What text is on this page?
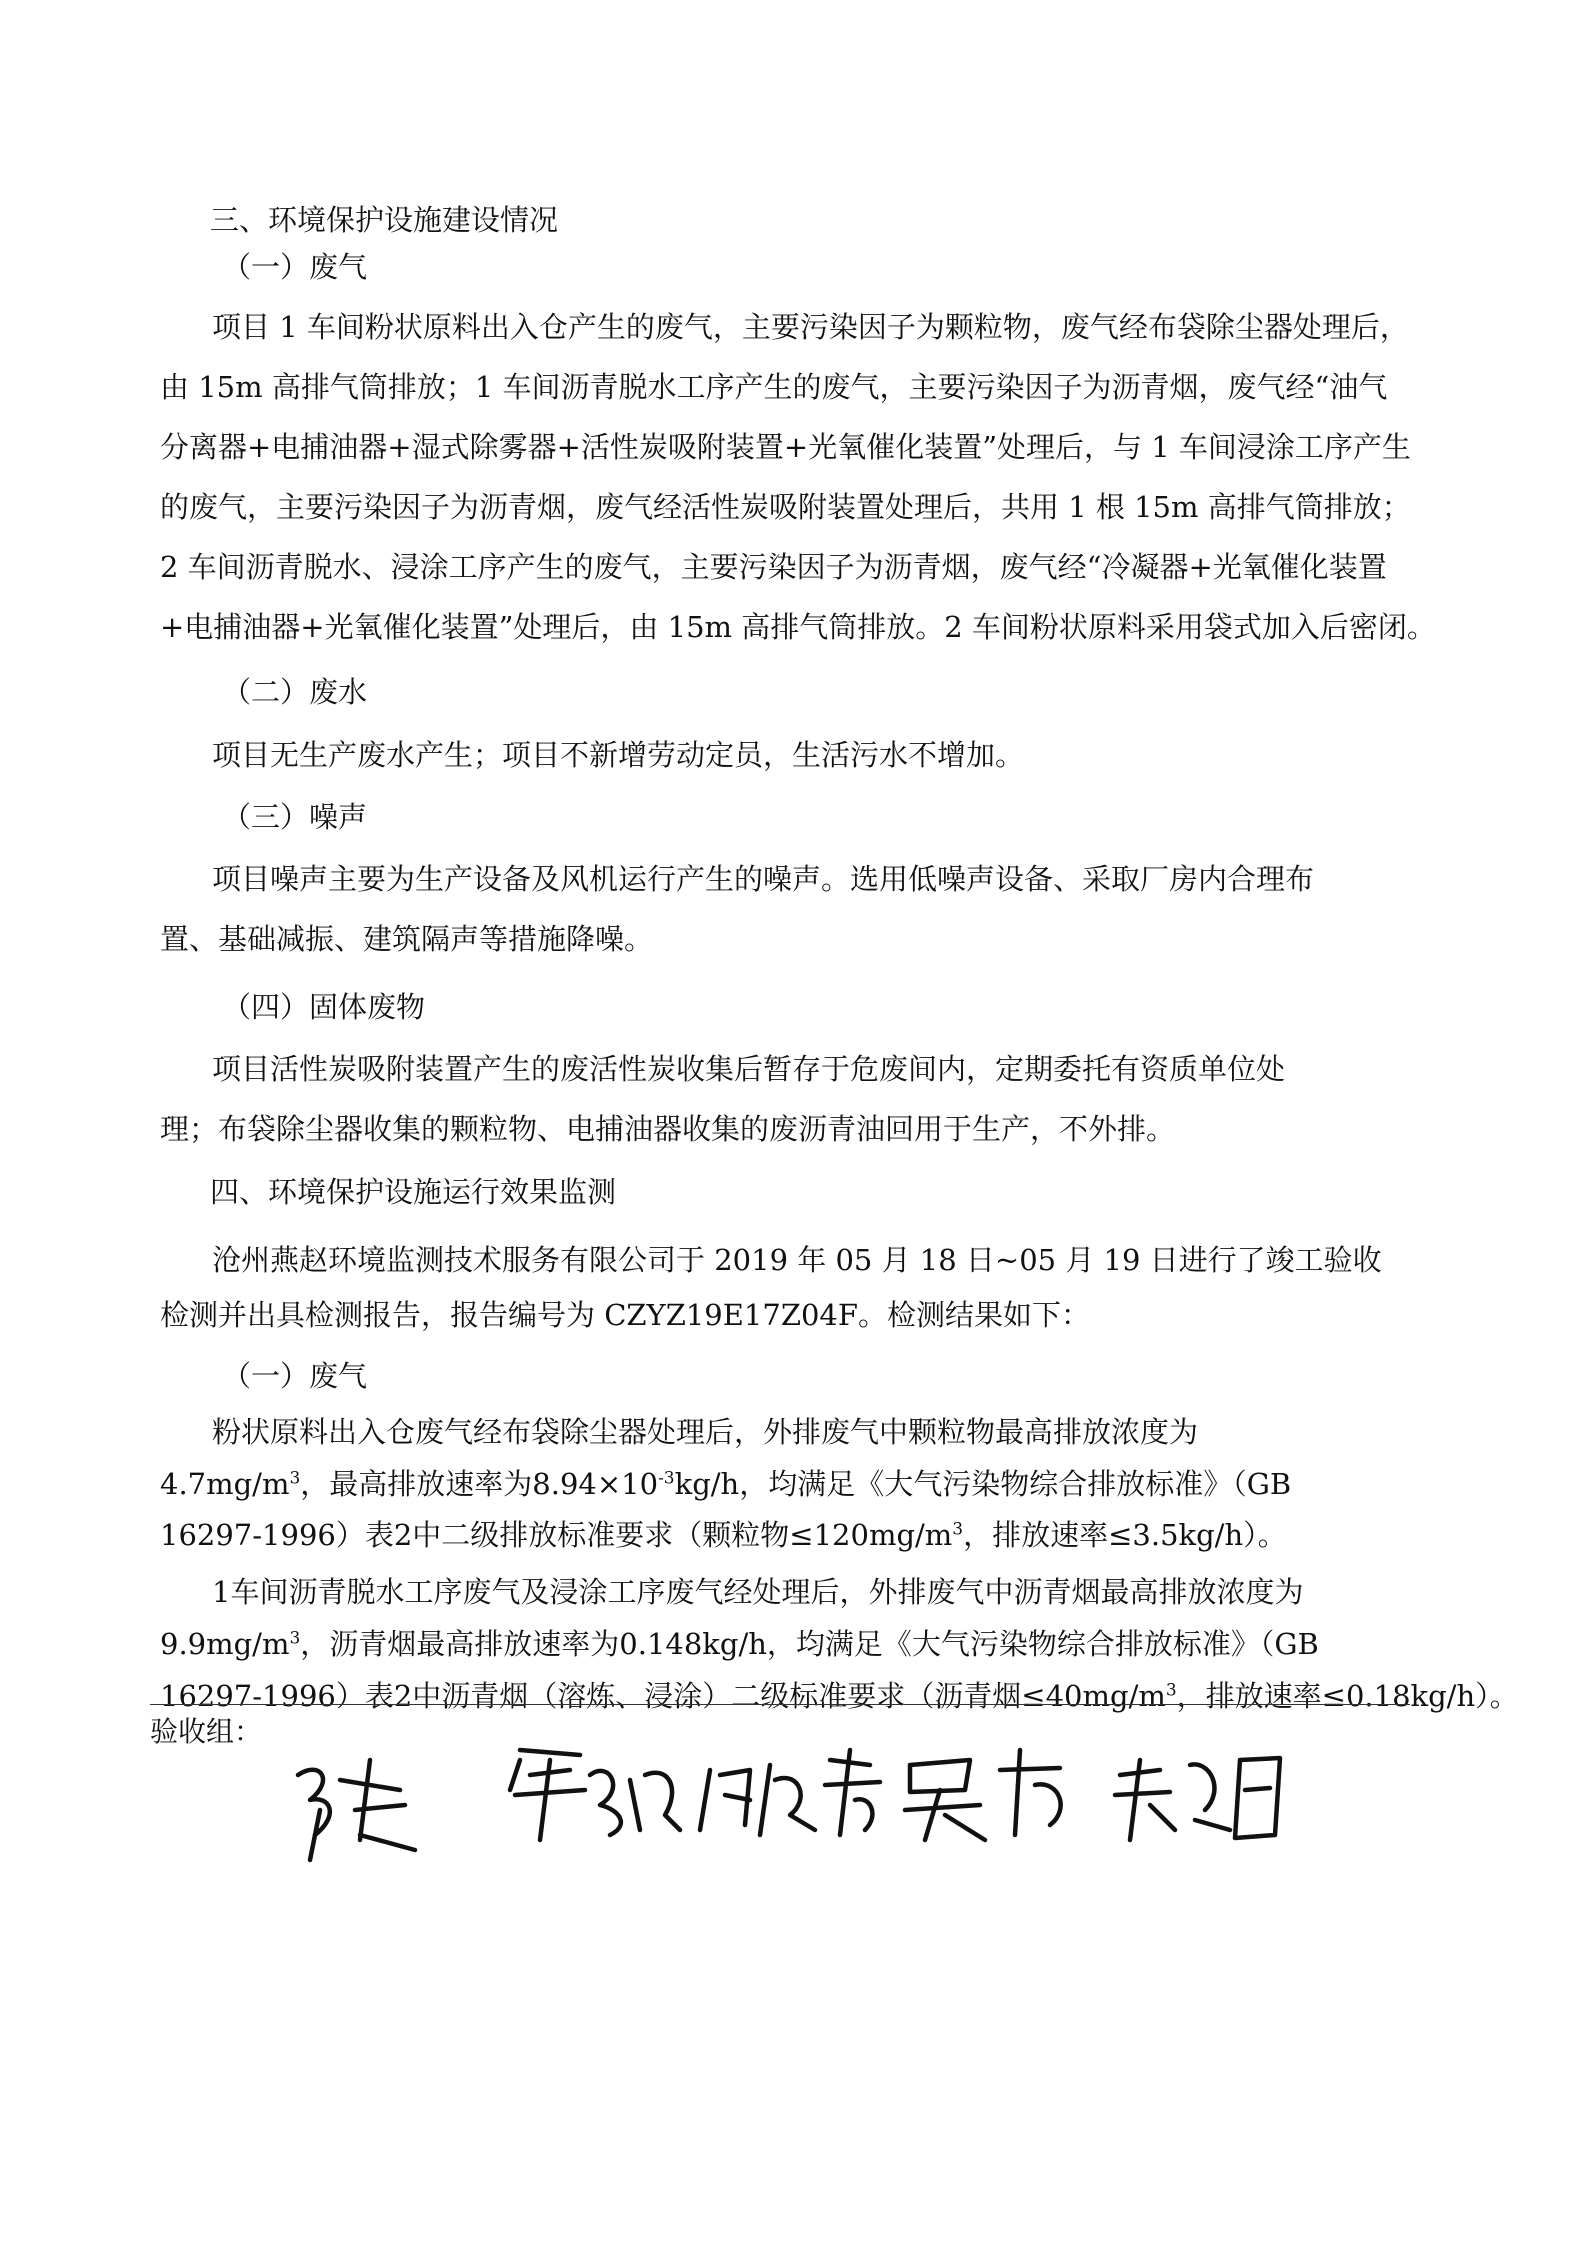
三、环境保护设施建设情况
（一）废气
项目 1 车间粉状原料出入仓产生的废气，主要污染因子为颗粒物，废气经布袋除尘器处理后，
由 15m 高排气筒排放；1 车间沥青脱水工序产生的废气，主要污染因子为沥青烟，废气经“油气
分离器+电捕油器+湿式除雾器+活性炭吸附装置+光氧催化装置”处理后，与 1 车间浸涂工序产生
的废气，主要污染因子为沥青烟，废气经活性炭吸附装置处理后，共用 1 根 15m 高排气筒排放；
2 车间沥青脱水、浸涂工序产生的废气，主要污染因子为沥青烟，废气经“冷凝器+光氧催化装置
+电捕油器+光氧催化装置”处理后，由 15m 高排气筒排放。2 车间粉状原料采用袋式加入后密闭。
（二）废水
项目无生产废水产生；项目不新增劳动定员，生活污水不增加。
（三）噪声
项目噪声主要为生产设备及风机运行产生的噪声。选用低噪声设备、采取厂房内合理布
置、基础减振、建筑隔声等措施降噪。
（四）固体废物
项目活性炭吸附装置产生的废活性炭收集后暂存于危废间内，定期委托有资质单位处
理；布袋除尘器收集的颗粒物、电捕油器收集的废沥青油回用于生产，不外排。
四、环境保护设施运行效果监测
沧州燕赵环境监测技术服务有限公司于 2019 年 05 月 18 日~05 月 19 日进行了竣工验收
检测并出具检测报告，报告编号为 CZYZ19E17Z04F。检测结果如下：
（一）废气
粉状原料出入仓废气经布袋除尘器处理后，外排废气中颗粒物最高排放浓度为
$4.7mg/m^3$，最高排放速率为$8.94\times 10^{-3}kg/h$，均满足《大气污染物综合排放标准》（GB
16297-1996）表2中二级排放标准要求（颗粒物$\le 120mg/m^3$，排放速率≤3.5kg/h）。
1车间沥青脱水工序废气及浸涂工序废气经处理后，外排废气中沥青烟最高排放浓度为
$9.9mg/m^3$，沥青烟最高排放速率为0.148kg/h，均满足《大气污染物综合排放标准》（GB
16297-1996）表2中沥青烟（溶炼、浸涂）二级标准要求（沥青烟$\le 40mg/m^3$，排放速率≤0.18kg/h）。
验收组：
